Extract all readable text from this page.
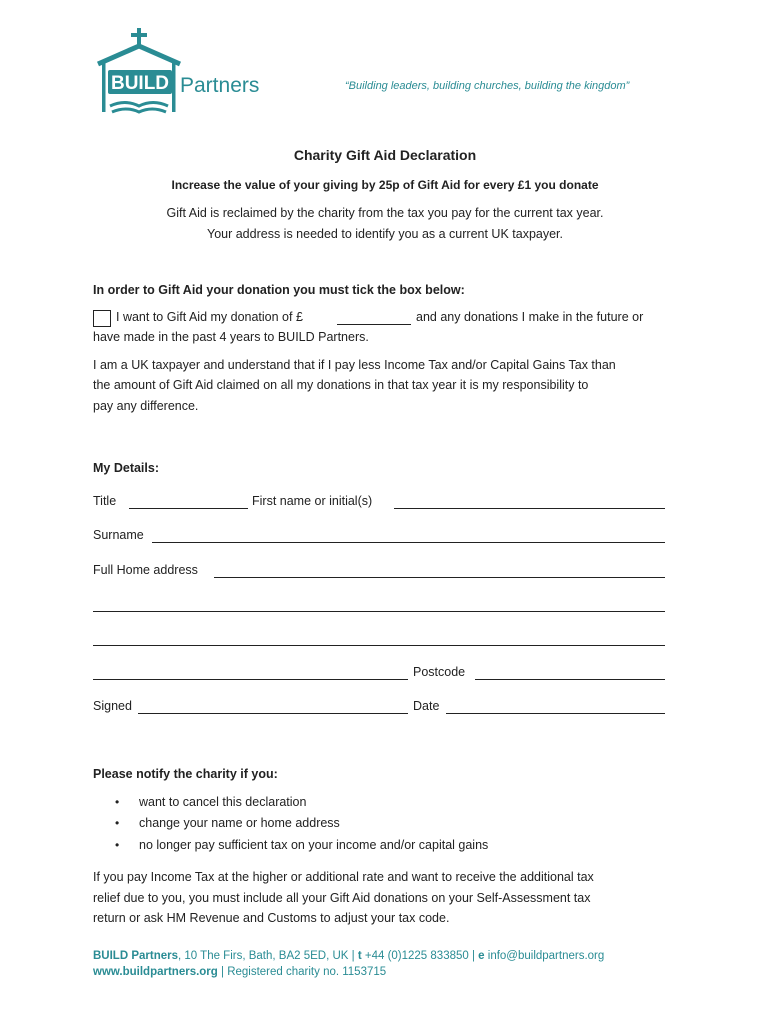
BUILD Partners	“Building leaders, building churches, building the kingdom”
Charity Gift Aid Declaration
Increase the value of your giving by 25p of Gift Aid for every £1 you donate
Gift Aid is reclaimed by the charity from the tax you pay for the current tax year.
Your address is needed to identify you as a current UK taxpayer.
In order to Gift Aid your donation you must tick the box below:
I want to Gift Aid my donation of £	and any donations I make in the future or
have made in the past 4 years to BUILD Partners.
I am a UK taxpayer and understand that if I pay less Income Tax and/or Capital Gains Tax than
the amount of Gift Aid claimed on all my donations in that tax year it is my responsibility to
pay any difference.
My Details:
Title	First name or initial(s)
Surname
Full Home address
Postcode
Signed	Date
Please notify the charity if you:
• want to cancel this declaration
• change your name or home address
• no longer pay sufficient tax on your income and/or capital gains
If you pay Income Tax at the higher or additional rate and want to receive the additional tax
relief due to you, you must include all your Gift Aid donations on your Self-Assessment tax
return or ask HM Revenue and Customs to adjust your tax code.
BUILD Partners, 10 The Firs, Bath, BA2 5ED, UK | t +44 (0)1225 833850 | e info@buildpartners.org
www.buildpartners.org | Registered charity no. 1153715
